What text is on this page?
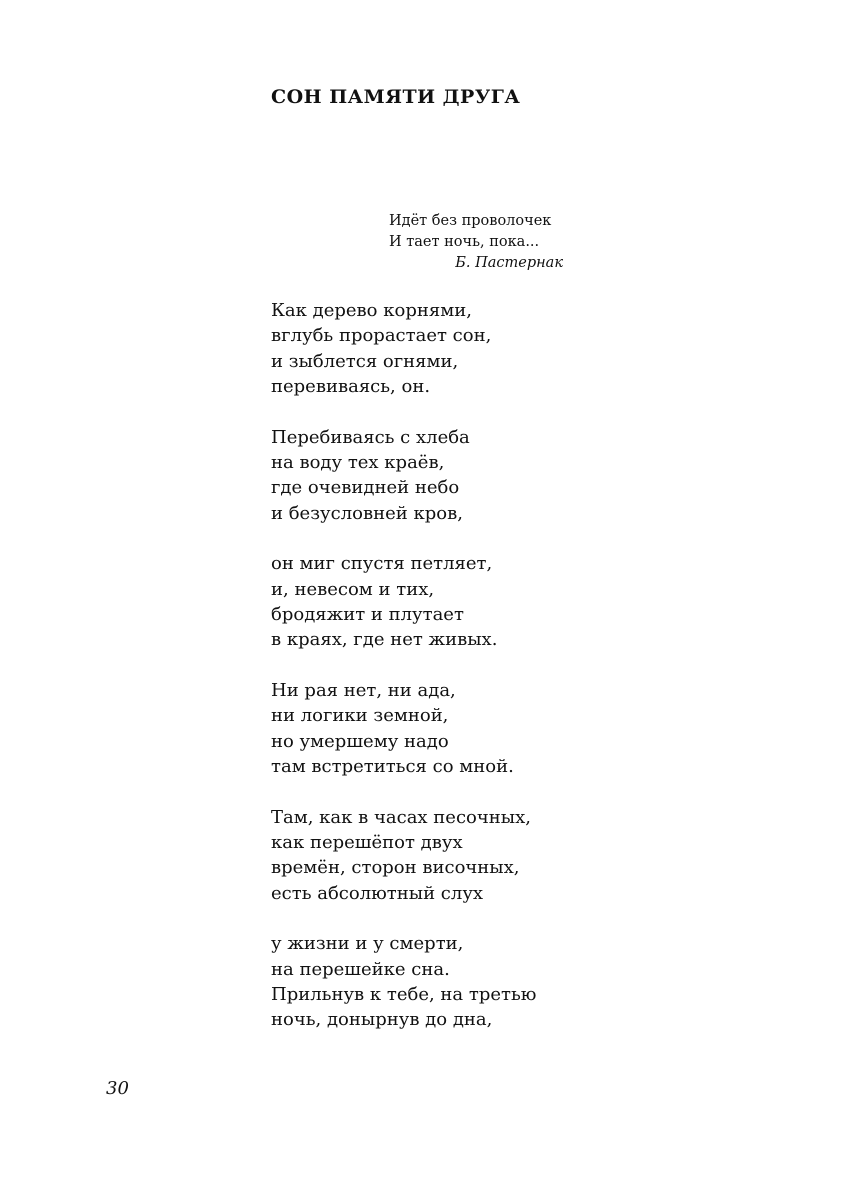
СОН ПАМЯТИ ДРУГА
Идёт без проволочек
И тает ночь, пока...
Б. Пастернак
Как дерево корнями,
вглубь прорастает сон,
и зыблется огнями,
перевиваясь, он.
Перебиваясь с хлеба
на воду тех краёв,
где очевидней небо
и безусловней кров,
он миг спустя петляет,
и, невесом и тих,
бродяжит и плутает
в краях, где нет живых.
Ни рая нет, ни ада,
ни логики земной,
но умершему надо
там встретиться со мной.
Там, как в часах песочных,
как перешёпот двух
времён, сторон височных,
есть абсолютный слух
у жизни и у смерти,
на перешейке сна.
Прильнув к тебе, на третью
ночь, донырнув до дна,
30
